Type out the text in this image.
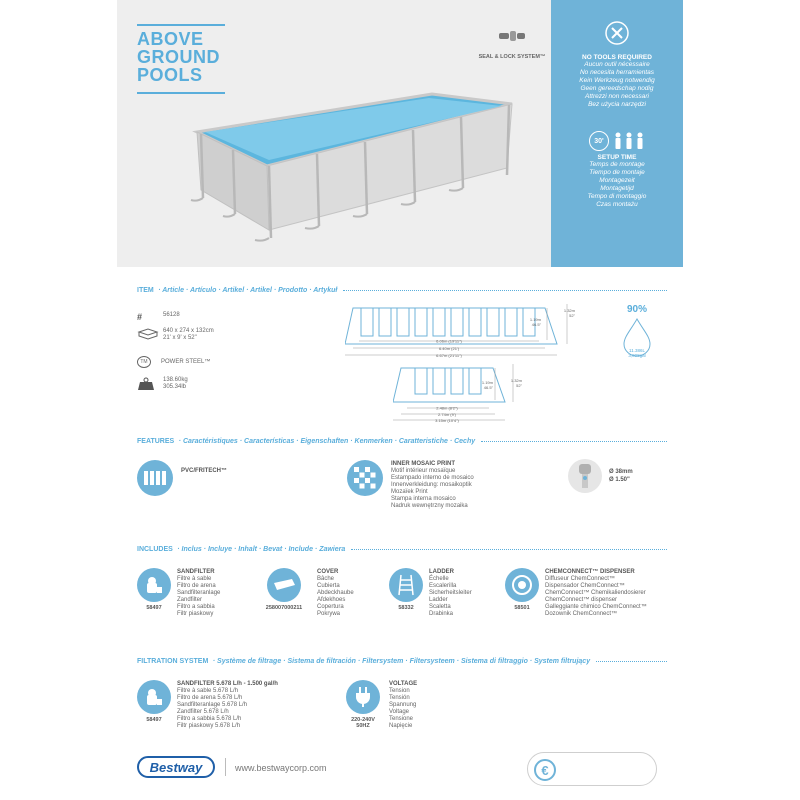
ABOVE
GROUND
POOLS
SEAL & LOCK SYSTEM™	NO TOOLS REQUIRED
Aucun outil nécessaire
No necesita herramientas
Kein Werkzeug notwendig
Geen gereedschap nodig
Attrezzi non necessari
Bez użycia narzędzi
30'
SETUP TIME
Temps de montage
Tiempo de montaje
Montagezeit
Montagetijd
Tempo di montaggio
Czas montażu
ITEM
· Article · Artículo · Artikel · Artikel · Prodotto · Artykuł
#	56128
640 x 274 x 132cm
21' x 9' x 52"
TM	POWER STEEL™
138.60kg
305.34lb
6.06m (19'11")
6.40m (21')
6.67m (21'11")
1.19m
46.5"
1.32m
52"
2.48m (8'2")
2.74m (9')
3.15m (10'4")
1.19m
46.5"
1.32m
52"
90%
11.386L
3,008gal
FEATURES
· Caractéristiques · Características · Eigenschaften · Kenmerken · Caratteristiche · Cechy
PVC/FRITECH™
INNER MOSAIC PRINT
Motif intérieur mosaïque
Estampado interno de mosaico
Innenverkleidung: mosaikoptik
Mozaïek Print
Stampa interna mosaico
Nadruk wewnętrzny mozaika
Ø 38mm
Ø 1.50"
INCLUDES
· Inclus · Incluye · Inhalt · Bevat · Include · Zawiera
58497
SANDFILTER
Filtre à sable
Filtro de arena
Sandfilteranlage
Zandfilter
Filtro a sabbia
Filtr piaskowy
258007000211
COVER
Bâche
Cubierta
Abdeckhaube
Afdekhoes
Copertura
Pokrywa
58332
LADDER
Échelle
Escalerilla
Sicherheitsleiter
Ladder
Scaletta
Drabinka
58501
CHEMCONNECT™ DISPENSER
Diffuseur ChemConnect™
Dispensador ChemConnect™
ChemConnect™ Chemikaliendosierer
ChemConnect™ dispenser
Galleggiante chimico ChemConnect™
Dozownik ChemConnect™
FILTRATION SYSTEM
· Système de filtrage · Sistema de filtración · Filtersystem · Filtersysteem · Sistema di filtraggio · System filtrujący
58497
SANDFILTER 5.678 L/h - 1.500 gal/h
Filtre à sable 5.678 L/h
Filtro de arena 5.678 L/h
Sandfilteranlage 5.678 L/h
Zandfilter 5.678 L/h
Filtro a sabbia 5.678 L/h
Filtr piaskowy 5.678 L/h
220-240V
50HZ
VOLTAGE
Tension
Tensión
Spannung
Voltage
Tensione
Napięcie
Bestway	www.bestwaycorp.com	€
